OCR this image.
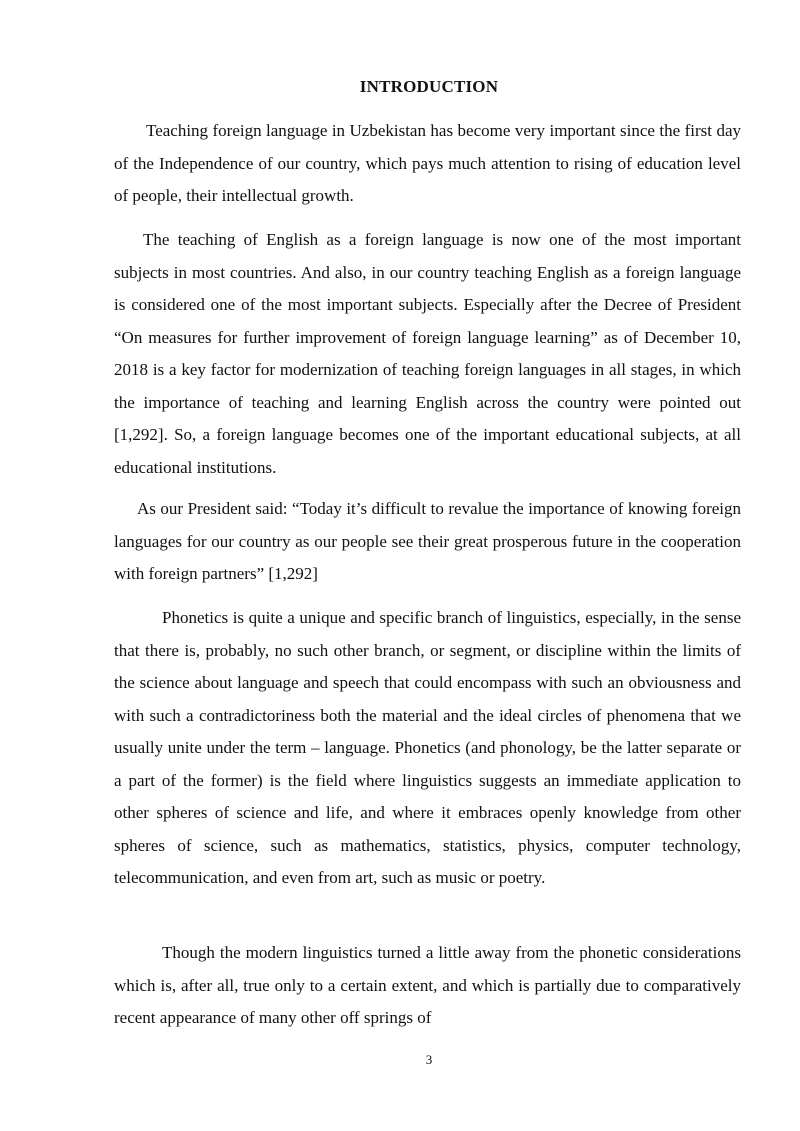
INTRODUCTION

Teaching foreign language in Uzbekistan has become very important since the first day of the Independence of our country, which pays much attention to rising of education level of people, their intellectual growth.

The teaching of English as a foreign language is now one of the most important subjects in most countries. And also, in our country teaching English as a foreign language is considered one of the most important subjects. Especially after the Decree of President “On measures for further improvement of foreign language learning” as of December 10, 2018 is a key factor for modernization of teaching foreign languages in all stages, in which the importance of teaching and learning English across the country were pointed out [1,292]. So, a foreign language becomes one of the important educational subjects, at all educational institutions.

As our President said: “Today it’s difficult to revalue the importance of knowing foreign languages for our country as our people see their great prosperous future in the cooperation with foreign partners” [1,292]

Phonetics is quite a unique and specific branch of linguistics, especially, in the sense that there is, probably, no such other branch, or segment, or discipline within the limits of the science about language and speech that could encompass with such an obviousness and with such a contradictoriness both the material and the ideal circles of phenomena that we usually unite under the term – language. Phonetics (and phonology, be the latter separate or a part of the former) is the field where linguistics suggests an immediate application to other spheres of science and life, and where it embraces openly knowledge from other spheres of science, such as mathematics, statistics, physics, computer technology, telecommunication, and even from art, such as music or poetry.

Though the modern linguistics turned a little away from the phonetic considerations which is, after all, true only to a certain extent, and which is partially due to comparatively recent appearance of many other off springs of

3
